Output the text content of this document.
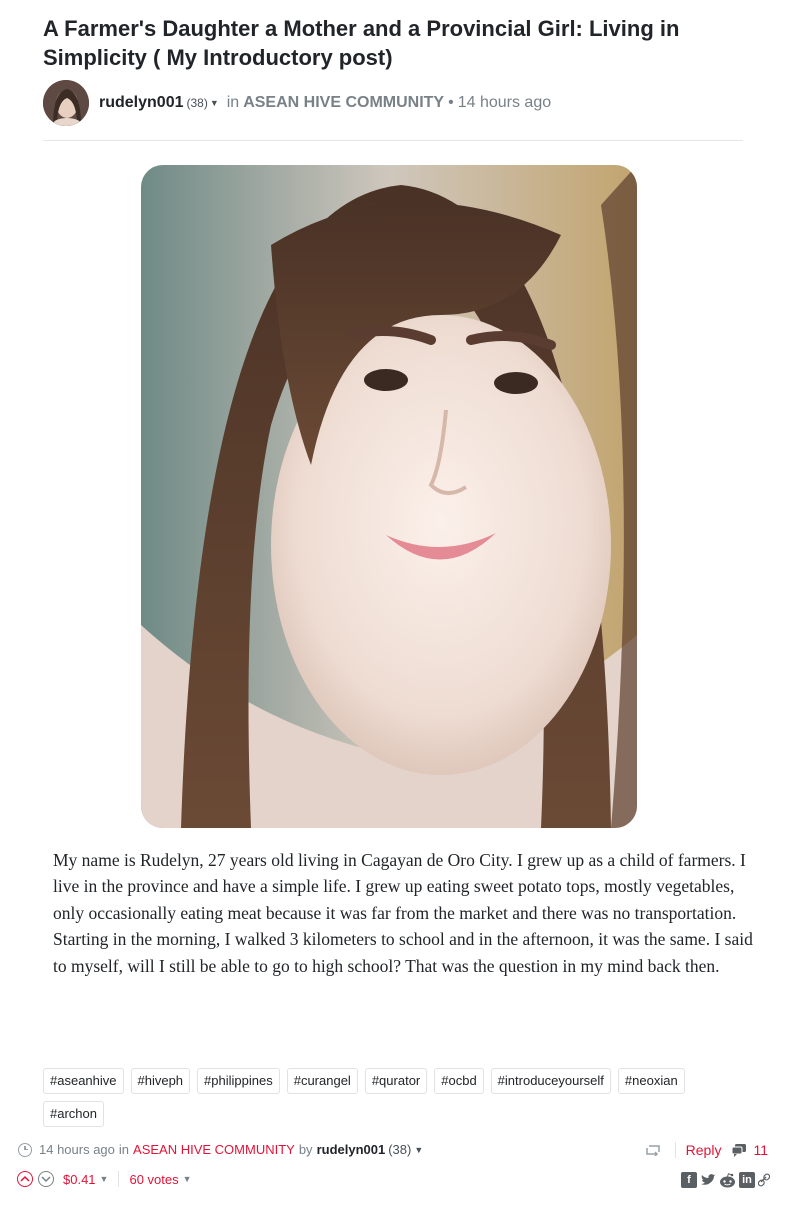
A Farmer's Daughter a Mother and a Provincial Girl: Living in Simplicity ( My Introductory post)
rudelyn001 (38) ▼ in ASEAN HIVE COMMUNITY • 14 hours ago

My name is Rudelyn, 27 years old living in Cagayan de Oro City. I grew up as a child of farmers. I live in the province and have a simple life. I grew up eating sweet potato tops, mostly vegetables, only occasionally eating meat because it was far from the market and there was no transportation. Starting in the morning, I walked 3 kilometers to school and in the afternoon, it was the same. I said to myself, will I still be able to go to high school? That was the question in my mind back then.

#aseanhive	#hiveph	#philippines	#curangel	#qurator	#ocbd	#introduceyourself	#neoxian
#archon
14 hours ago in ASEAN HIVE COMMUNITY by rudelyn001 (38) ▼	Reply 11
$0.41 ▼ 60 votes ▼	f	in
